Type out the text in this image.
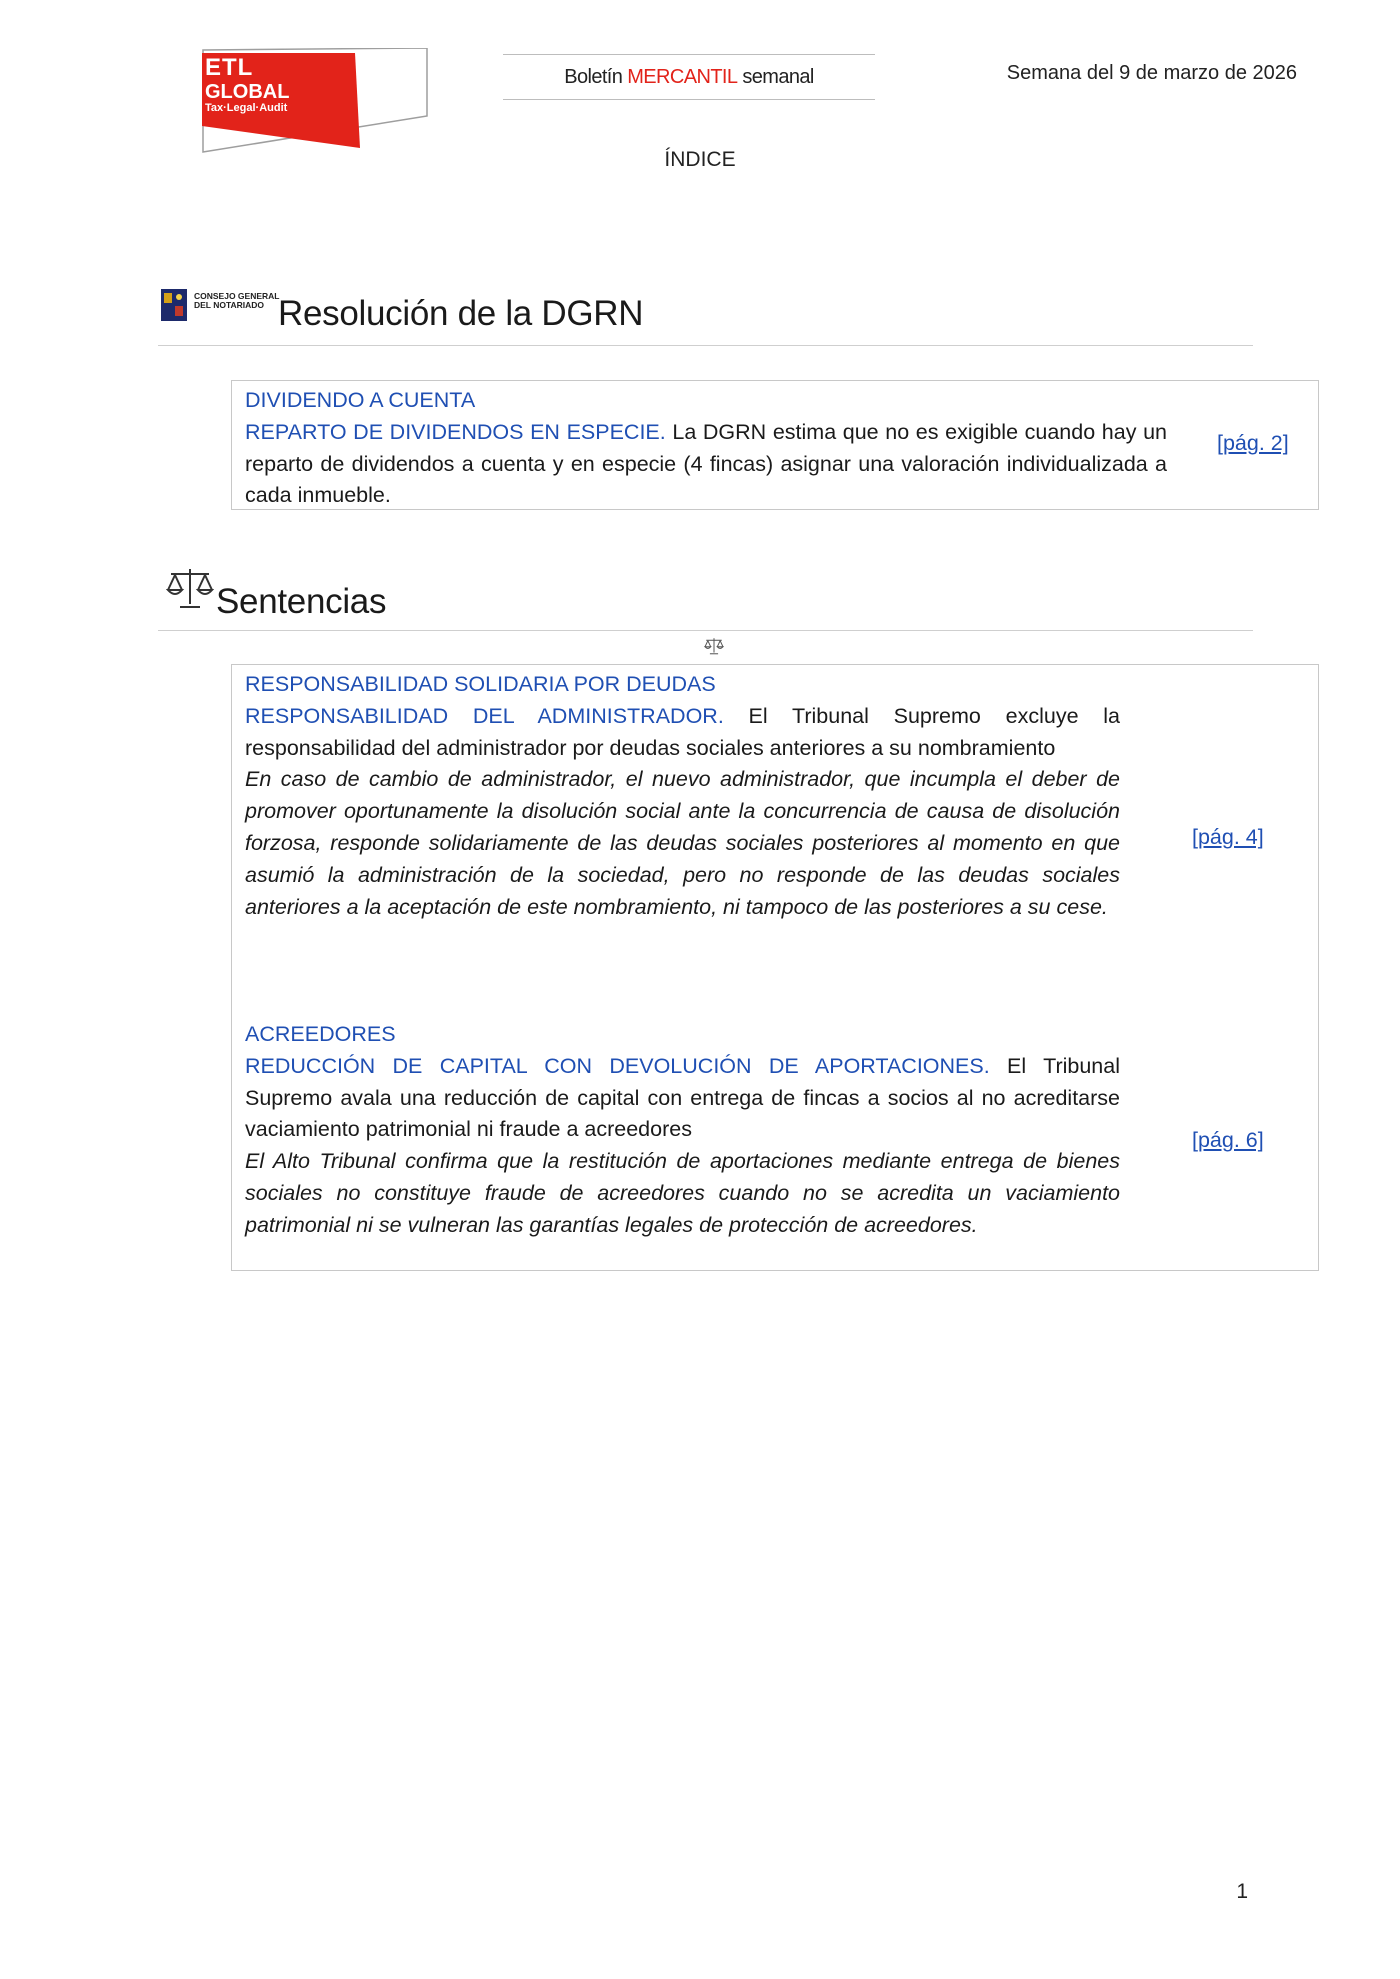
ETL
GLOBAL
Tax·Legal·Audit
Boletín MERCANTIL semanal	Semana del 9 de marzo de 2026
ÍNDICE
CONSEJO GENERAL
DEL NOTARIADO Resolución de la DGRN
DIVIDENDO A CUENTA
REPARTO DE DIVIDENDOS EN ESPECIE. La DGRN estima que no es exigible cuando hay un reparto de dividendos a cuenta y en especie (4 fincas) asignar una valoración individualizada a cada inmueble.
[pág. 2]
Sentencias
RESPONSABILIDAD SOLIDARIA POR DEUDAS
RESPONSABILIDAD DEL ADMINISTRADOR. El Tribunal Supremo excluye la responsabilidad del administrador por deudas sociales anteriores a su nombramiento
En caso de cambio de administrador, el nuevo administrador, que incumpla el deber de promover oportunamente la disolución social ante la concurrencia de causa de disolución forzosa, responde solidariamente de las deudas sociales posteriores al momento en que asumió la administración de la sociedad, pero no responde de las deudas sociales anteriores a la aceptación de este nombramiento, ni tampoco de las posteriores a su cese.
[pág. 4]
ACREEDORES
REDUCCIÓN DE CAPITAL CON DEVOLUCIÓN DE APORTACIONES. El Tribunal Supremo avala una reducción de capital con entrega de fincas a socios al no acreditarse vaciamiento patrimonial ni fraude a acreedores
El Alto Tribunal confirma que la restitución de aportaciones mediante entrega de bienes sociales no constituye fraude de acreedores cuando no se acredita un vaciamiento patrimonial ni se vulneran las garantías legales de protección de acreedores.
[pág. 6]
1
